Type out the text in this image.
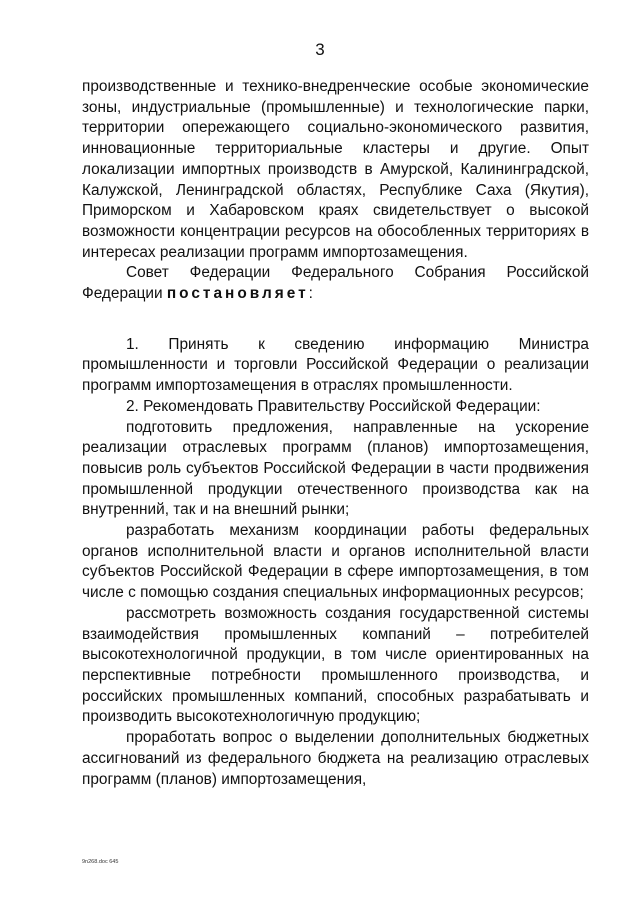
3

производственные и технико-внедренческие особые экономические зоны, индустриальные (промышленные) и технологические парки, территории опережающего социально-экономического развития, инновационные территориальные кластеры и другие. Опыт локализации импортных производств в Амурской, Калининградской, Калужской, Ленинградской областях, Республике Саха (Якутия), Приморском и Хабаровском краях свидетельствует о высокой возможности концентрации ресурсов на обособленных территориях в интересах реализации программ импортозамещения.

Совет Федерации Федерального Собрания Российской Федерации постановляет:

1. Принять к сведению информацию Министра промышленности и торговли Российской Федерации о реализации программ импортозамещения в отраслях промышленности.

2. Рекомендовать Правительству Российской Федерации:

подготовить предложения, направленные на ускорение реализации отраслевых программ (планов) импортозамещения, повысив роль субъектов Российской Федерации в части продвижения промышленной продукции отечественного производства как на внутренний, так и на внешний рынки;

разработать механизм координации работы федеральных органов исполнительной власти и органов исполнительной власти субъектов Российской Федерации в сфере импортозамещения, в том числе с помощью создания специальных информационных ресурсов;

рассмотреть возможность создания государственной системы взаимодействия промышленных компаний – потребителей высокотехнологичной продукции, в том числе ориентированных на перспективные потребности промышленного производства, и российских промышленных компаний, способных разрабатывать и производить высокотехнологичную продукцию;

проработать вопрос о выделении дополнительных бюджетных ассигнований из федерального бюджета на реализацию отраслевых программ (планов) импортозамещения,

9n268.doc 645
